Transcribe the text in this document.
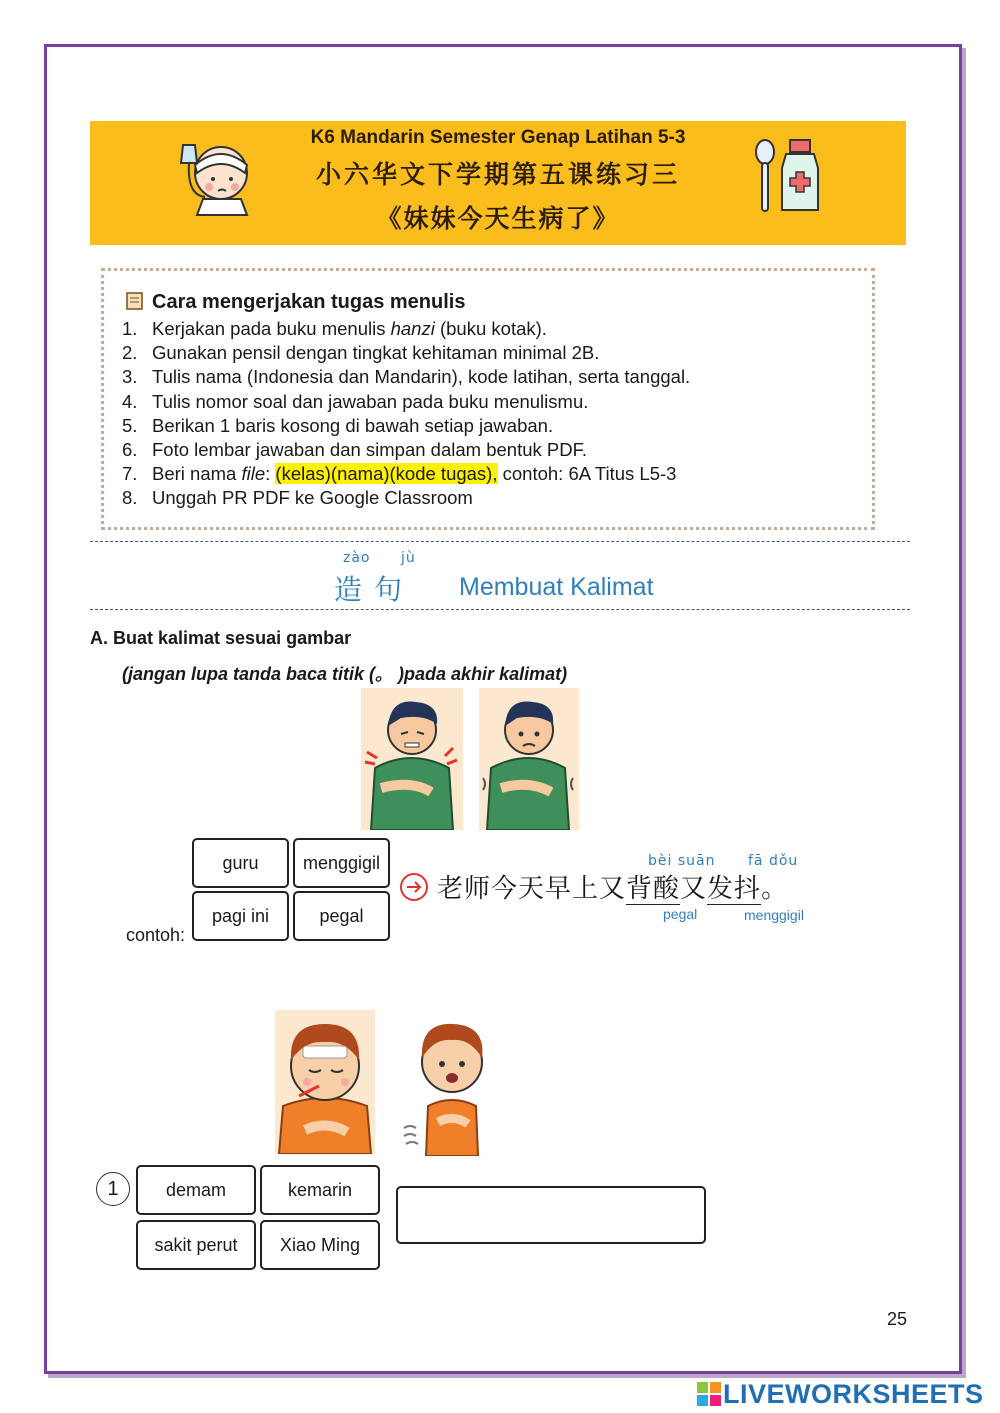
K6 Mandarin Semester Genap Latihan 5-3
小六华文下学期第五课练习三
《妹妹今天生病了》
Cara mengerjakan tugas menulis
1. Kerjakan pada buku menulis hanzi (buku kotak).
2. Gunakan pensil dengan tingkat kehitaman minimal 2B.
3. Tulis nama (Indonesia dan Mandarin), kode latihan, serta tanggal.
4. Tulis nomor soal dan jawaban pada buku menulismu.
5. Berikan 1 baris kosong di bawah setiap jawaban.
6. Foto lembar jawaban dan simpan dalam bentuk PDF.
7. Beri nama file: (kelas)(nama)(kode tugas), contoh: 6A Titus L5-3
8. Unggah PR PDF ke Google Classroom
zào jù
造句 Membuat Kalimat
A. Buat kalimat sesuai gambar
(jangan lupa tanda baca titik (。 )pada akhir kalimat)
guru	menggigil
pagi ini	pegal
contoh:
bèi suān fā dǒu
老师今天早上又背酸又发抖。
pegal	menggigil
1	demam	kemarin
sakit perut	Xiao Ming
25
LIVEWORKSHEETS
